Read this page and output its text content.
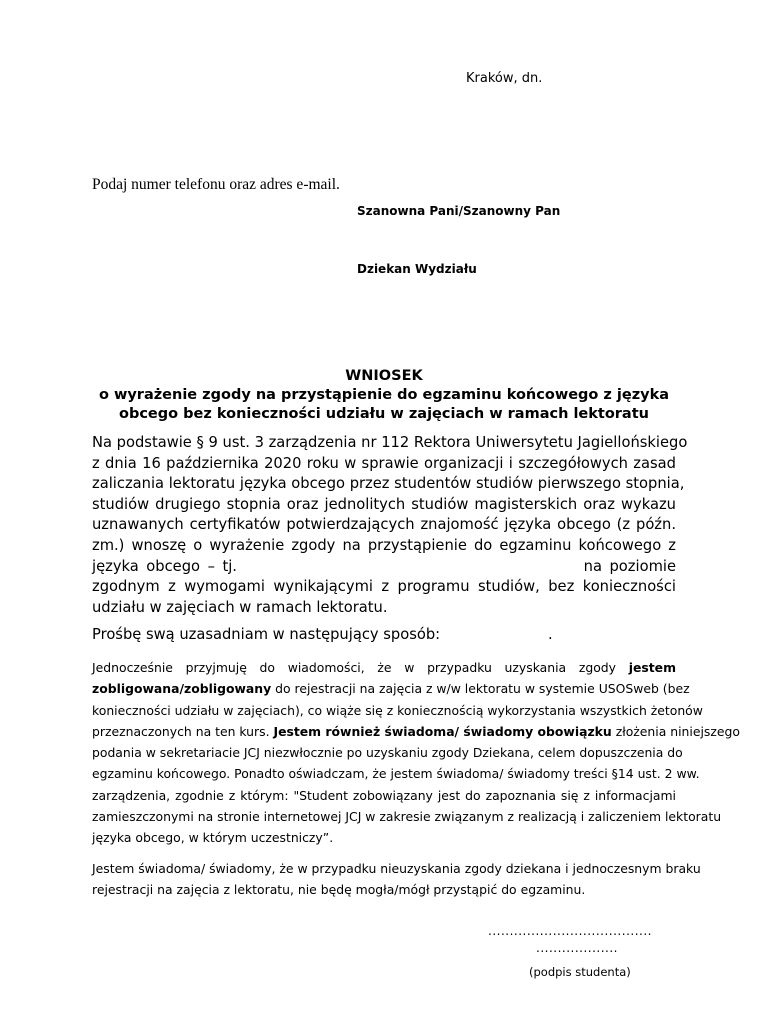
Kraków, dn.
Podaj numer telefonu oraz adres e-mail.
Szanowna Pani/Szanowny Pan
Dziekan Wydziału
WNIOSEK
o wyrażenie zgody na przystąpienie do egzaminu końcowego z języka
obcego bez konieczności udziału w zajęciach w ramach lektoratu
Na podstawie § 9 ust. 3 zarządzenia nr 112 Rektora Uniwersytetu Jagiellońskiego
z dnia 16 października 2020 roku w sprawie organizacji i szczegółowych zasad
zaliczania lektoratu języka obcego przez studentów studiów pierwszego stopnia,
studiów drugiego stopnia oraz jednolitych studiów magisterskich oraz wykazu
uznawanych certyfikatów potwierdzających znajomość języka obcego (z późn.
zm.) wnoszę o wyrażenie zgody na przystąpienie do egzaminu końcowego z
języka obcego – tj.                                              na poziomie
zgodnym z wymogami wynikającymi z programu studiów, bez konieczności
udziału w zajęciach w ramach lektoratu.
Prośbę swą uzasadniam w następujący sposób:	.
Jednocześnie przyjmuję do wiadomości, że w przypadku uzyskania zgody jestem
zobligowana/zobligowany do rejestracji na zajęcia z w/w lektoratu w systemie USOSweb (bez
konieczności udziału w zajęciach), co wiąże się z koniecznością wykorzystania wszystkich żetonów
przeznaczonych na ten kurs. Jestem również świadoma/ świadomy obowiązku złożenia niniejszego
podania w sekretariacie JCJ niezwłocznie po uzyskaniu zgody Dziekana, celem dopuszczenia do
egzaminu końcowego. Ponadto oświadczam, że jestem świadoma/ świadomy treści §14 ust. 2 ww.
zarządzenia, zgodnie z którym: "Student zobowiązany jest do zapoznania się z informacjami
zamieszczonymi na stronie internetowej JCJ w zakresie związanym z realizacją i zaliczeniem lektoratu
języka obcego, w którym uczestniczy”.
Jestem świadoma/ świadomy, że w przypadku nieuzyskania zgody dziekana i jednoczesnym braku
rejestracji na zajęcia z lektoratu, nie będę mogła/mógł przystąpić do egzaminu.
......................................
...................
(podpis studenta)
